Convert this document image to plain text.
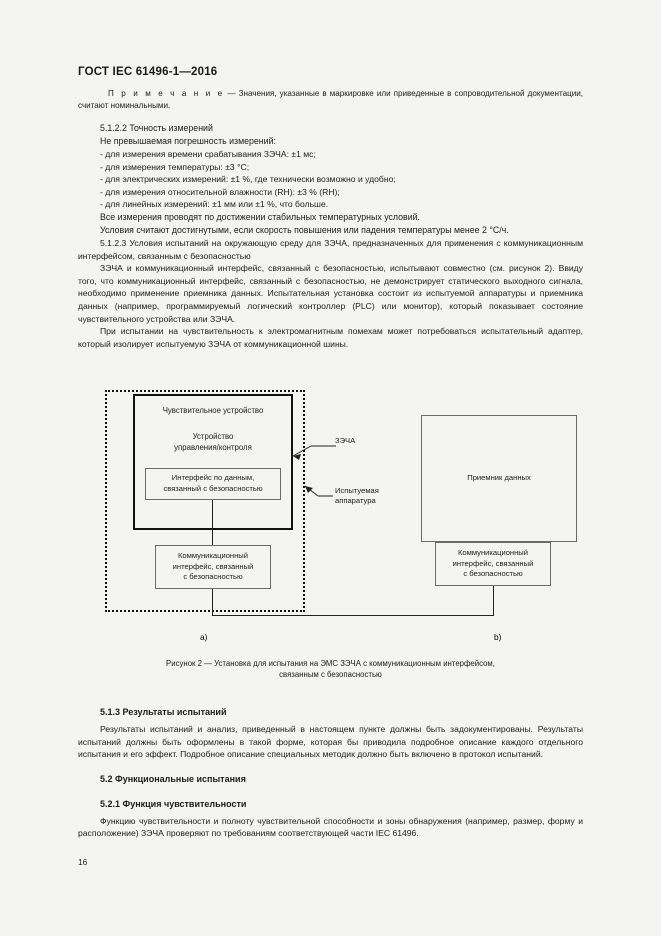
ГОСТ IEC 61496-1—2016

П р и м е ч а н и е — Значения, указанные в маркировке или приведенные в сопроводительной документации, считают номинальными.

5.1.2.2 Точность измерений

Не превышаемая погрешность измерений:

- для измерения времени срабатывания ЗЭЧА: ±1 мс;

- для измерения температуры: ±3 °C;

- для электрических измерений: ±1 %, где технически возможно и удобно;

- для измерения относительной влажности (RH): ±3 % (RH);

- для линейных измерений: ±1 мм или ±1 %, что больше.

Все измерения проводят по достижении стабильных температурных условий.

Условия считают достигнутыми, если скорость повышения или падения температуры менее 2 °C/ч.

5.1.2.3 Условия испытаний на окружающую среду для ЗЭЧА, предназначенных для применения с коммуникационным интерфейсом, связанным с безопасностью

ЗЭЧА и коммуникационный интерфейс, связанный с безопасностью, испытывают совместно (см. рисунок 2). Ввиду того, что коммуникационный интерфейс, связанный с безопасностью, не демонстрирует статического выходного сигнала, необходимо применение приемника данных. Испытательная установка состоит из испытуемой аппаратуры и приемника данных (например, программируемый логический контроллер (PLC) или монитор), который показывает состояние чувствительного устройства или ЗЭЧА.

При испытании на чувствительность к электромагнитным помехам может потребоваться испытательный адаптер, который изолирует испытуемую ЗЭЧА от коммуникационной шины.

Чувствительное устройство
Устройство
управления/контроля
Интерфейс по данным,
связанный с безопасностью
Коммуникационный
интерфейс, связанный
с безопасностью
Приемник данных
Коммуникационный
интерфейс, связанный
с безопасностью
ЗЭЧА
Испытуемая
аппаратура
a)	b)
Рисунок 2 — Установка для испытания на ЭМС ЗЭЧА с коммуникационным интерфейсом,
связанным с безопасностью

5.1.3 Результаты испытаний

Результаты испытаний и анализ, приведенный в настоящем пункте должны быть задокументированы. Результаты испытаний должны быть оформлены в такой форме, которая бы приводила подробное описание каждого отдельного испытания и его эффект. Подробное описание специальных методик должно быть включено в протокол испытаний.

5.2 Функциональные испытания

5.2.1 Функция чувствительности

Функцию чувствительности и полноту чувствительной способности и зоны обнаружения (например, размер, форму и расположение) ЗЭЧА проверяют по требованиям соответствующей части IEC 61496.

16
